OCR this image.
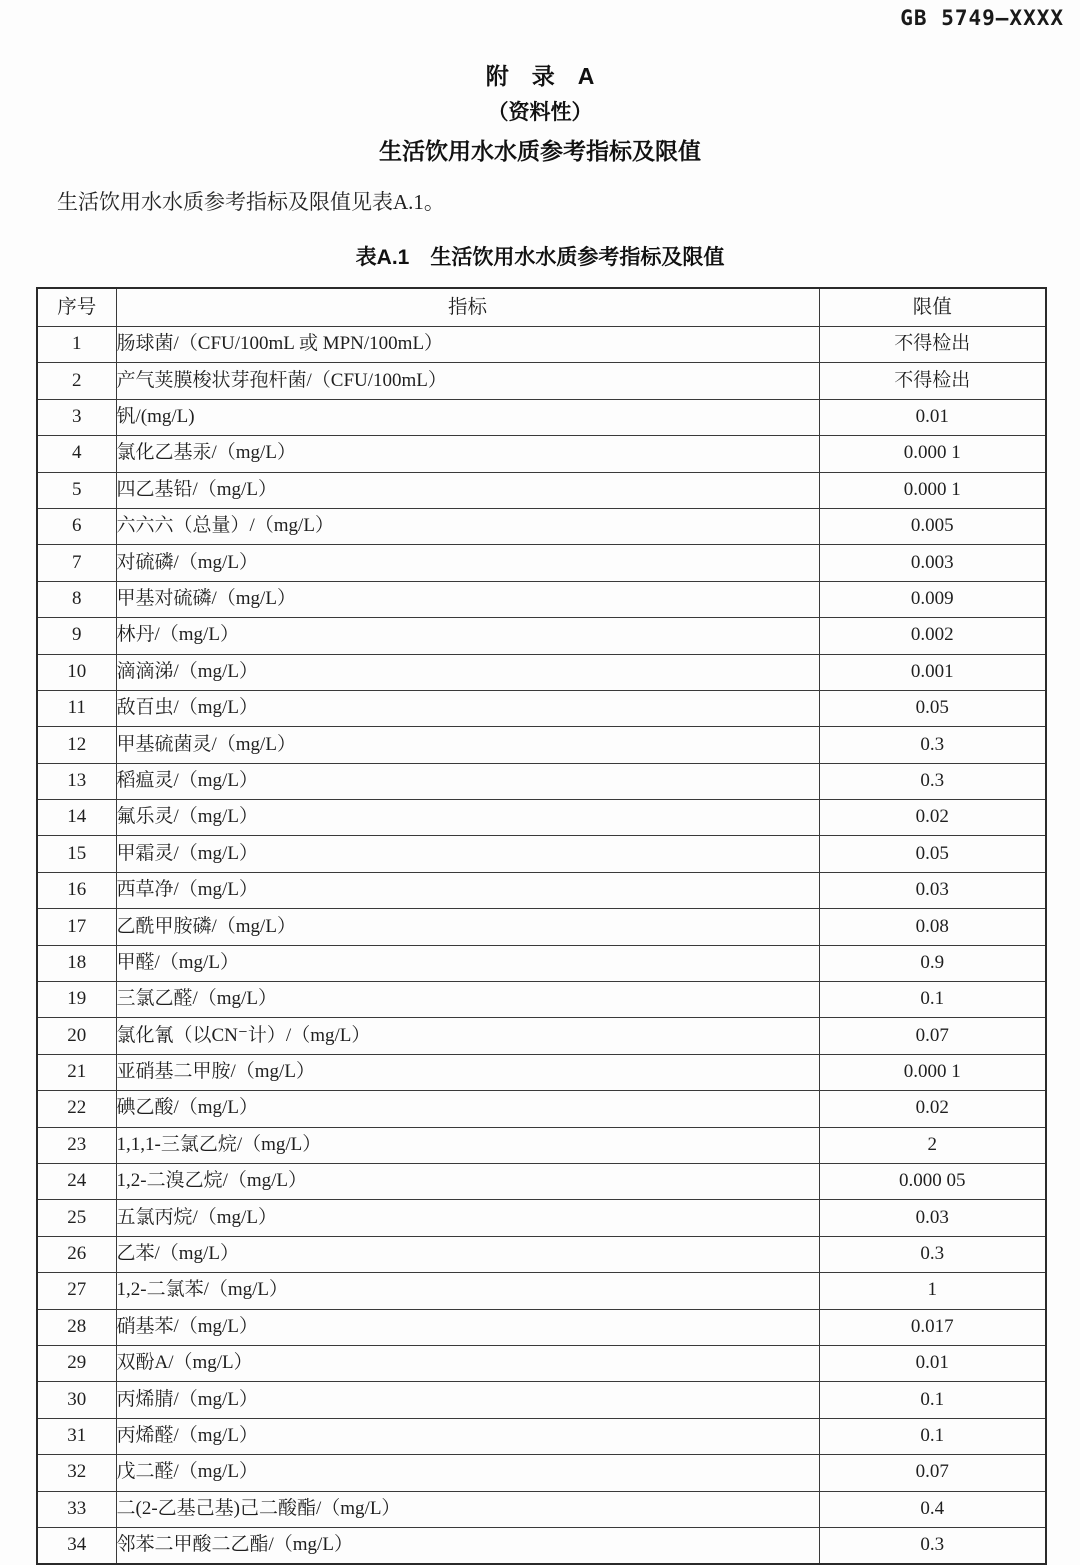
GB 5749—XXXX
附　录　A
（资料性）
生活饮用水水质参考指标及限值
生活饮用水水质参考指标及限值见表A.1。
表A.1　生活饮用水水质参考指标及限值
序号	指标	限值
1	肠球菌/（CFU/100mL 或 MPN/100mL）	不得检出
2	产气荚膜梭状芽孢杆菌/（CFU/100mL）	不得检出
3	钒/(mg/L)	0.01
4	氯化乙基汞/（mg/L）	0.000 1
5	四乙基铅/（mg/L）	0.000 1
6	六六六（总量）/（mg/L）	0.005
7	对硫磷/（mg/L）	0.003
8	甲基对硫磷/（mg/L）	0.009
9	林丹/（mg/L）	0.002
10	滴滴涕/（mg/L）	0.001
11	敌百虫/（mg/L）	0.05
12	甲基硫菌灵/（mg/L）	0.3
13	稻瘟灵/（mg/L）	0.3
14	氟乐灵/（mg/L）	0.02
15	甲霜灵/（mg/L）	0.05
16	西草净/（mg/L）	0.03
17	乙酰甲胺磷/（mg/L）	0.08
18	甲醛/（mg/L）	0.9
19	三氯乙醛/（mg/L）	0.1
20	氯化氰（以CN⁻计）/（mg/L）	0.07
21	亚硝基二甲胺/（mg/L）	0.000 1
22	碘乙酸/（mg/L）	0.02
23	1,1,1-三氯乙烷/（mg/L）	2
24	1,2-二溴乙烷/（mg/L）	0.000 05
25	五氯丙烷/（mg/L）	0.03
26	乙苯/（mg/L）	0.3
27	1,2-二氯苯/（mg/L）	1
28	硝基苯/（mg/L）	0.017
29	双酚A/（mg/L）	0.01
30	丙烯腈/（mg/L）	0.1
31	丙烯醛/（mg/L）	0.1
32	戊二醛/（mg/L）	0.07
33	二(2-乙基己基)己二酸酯/（mg/L）	0.4
34	邻苯二甲酸二乙酯/（mg/L）	0.3
